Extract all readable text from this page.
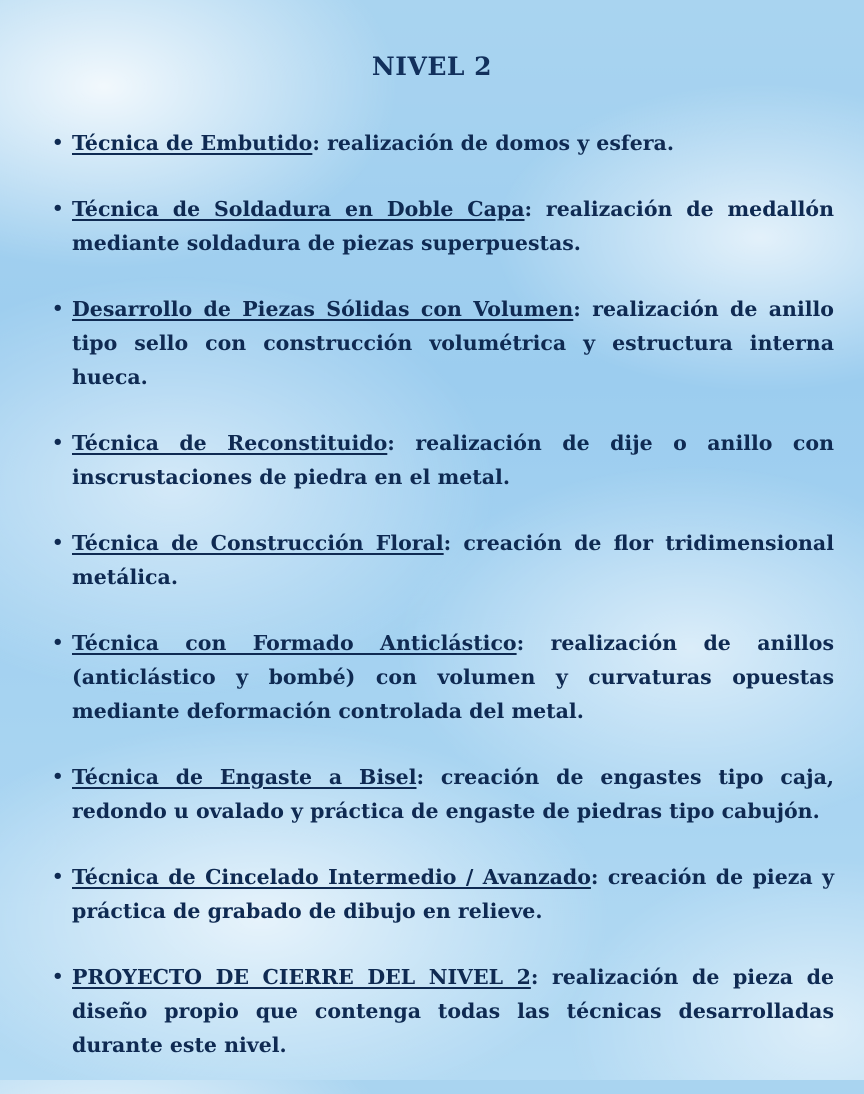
NIVEL 2
• Técnica de Embutido: realización de domos y esfera.
• Técnica de Soldadura en Doble Capa: realización de medallón mediante soldadura de piezas superpuestas.
• Desarrollo de Piezas Sólidas con Volumen: realización de anillo tipo sello con construcción volumétrica y estructura interna hueca.
• Técnica de Reconstituido: realización de dije o anillo con inscrustaciones de piedra en el metal.
• Técnica de Construcción Floral: creación de flor tridimensional metálica.
• Técnica con Formado Anticlástico: realización de anillos (anticlástico y bombé) con volumen y curvaturas opuestas mediante deformación controlada del metal.
• Técnica de Engaste a Bisel: creación de engastes tipo caja, redondo u ovalado y práctica de engaste de piedras tipo cabujón.
• Técnica de Cincelado Intermedio / Avanzado: creación de pieza y práctica de grabado de dibujo en relieve.
• PROYECTO DE CIERRE DEL NIVEL 2: realización de pieza de diseño propio que contenga todas las técnicas desarrolladas durante este nivel.
